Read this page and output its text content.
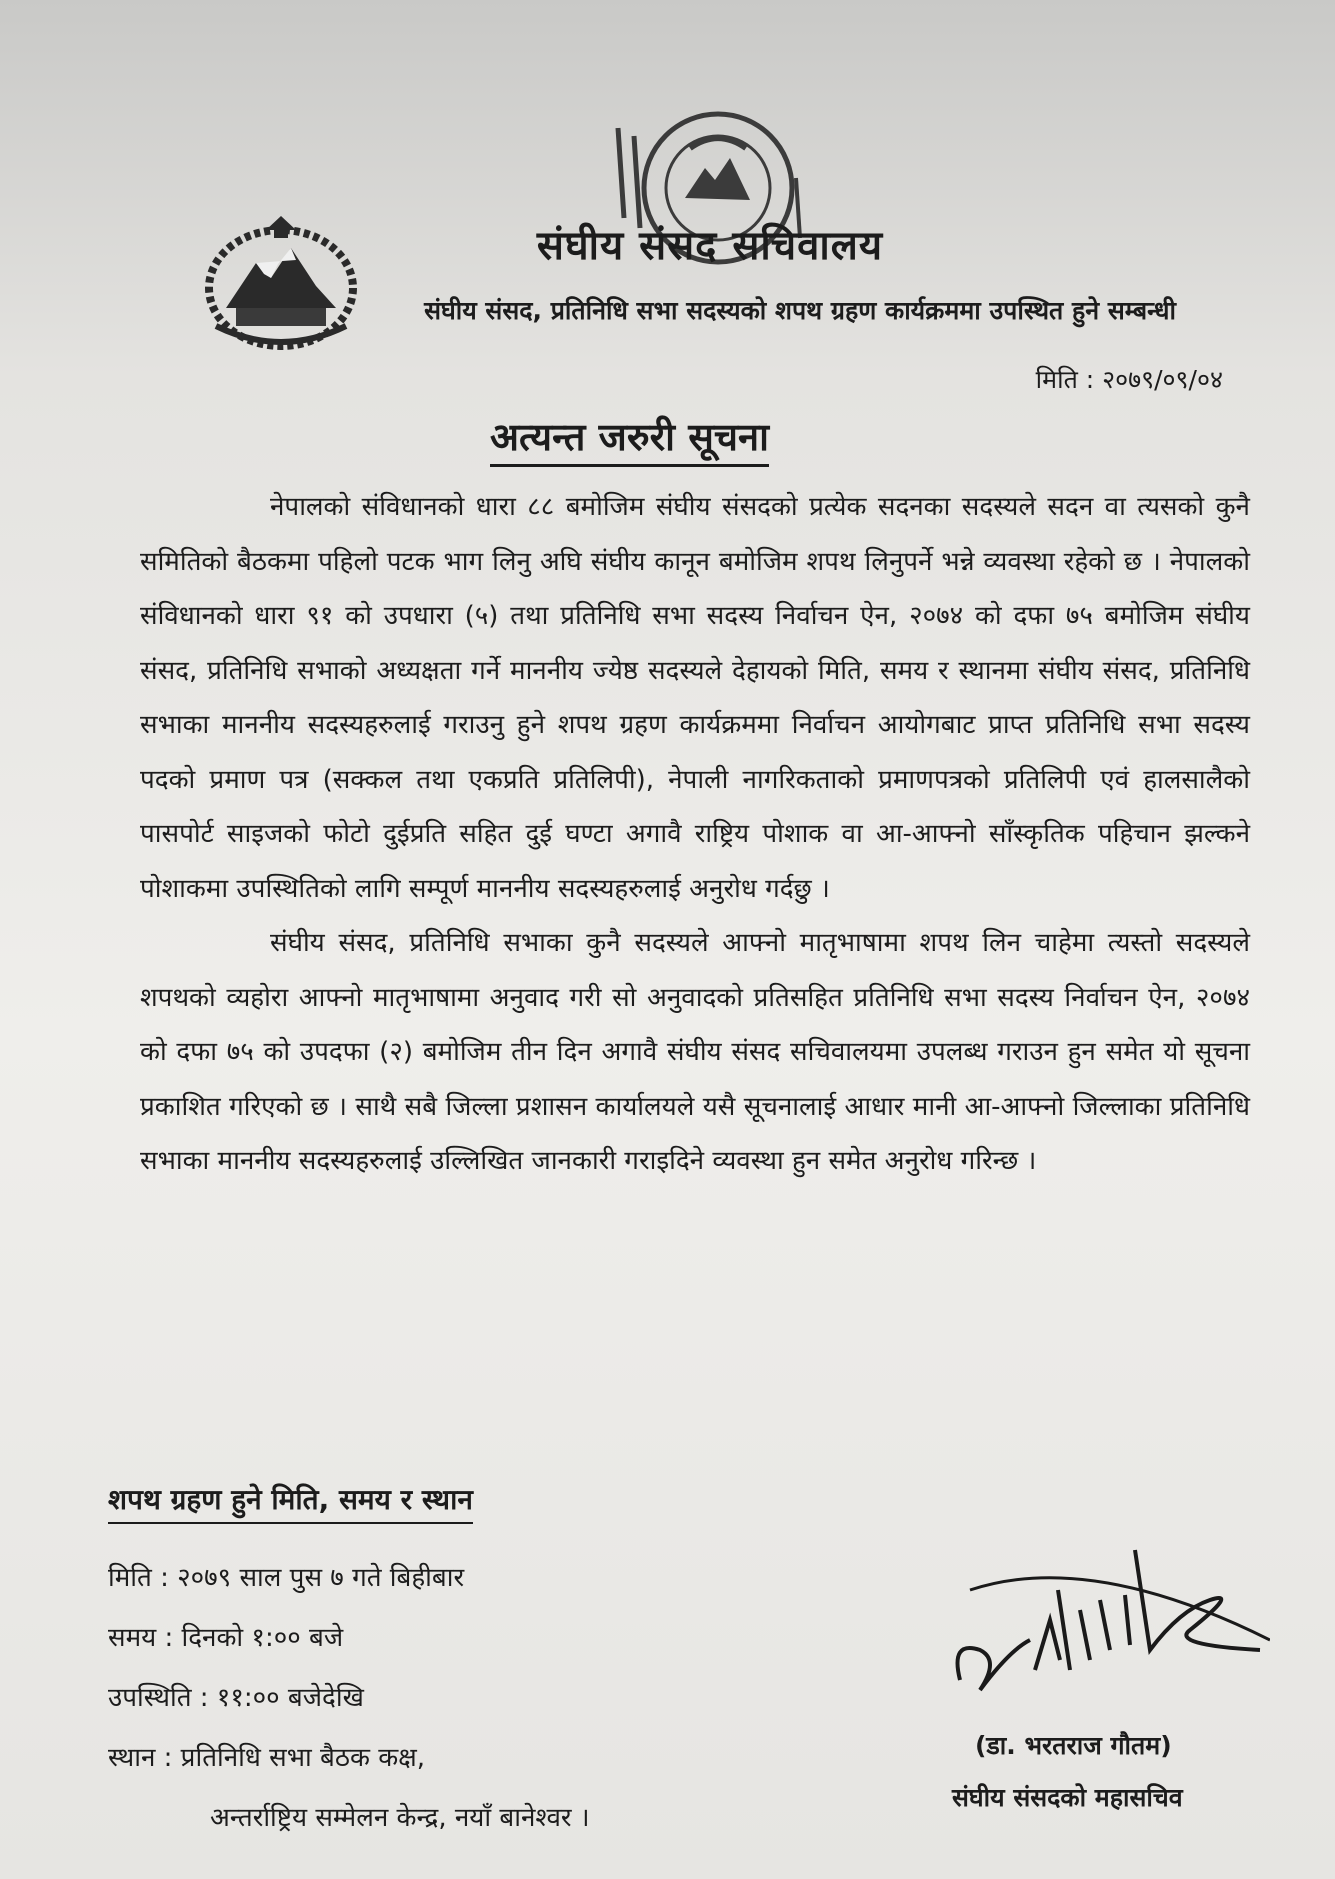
संघीय संसद सचिवालय
संघीय संसद, प्रतिनिधि सभा सदस्यको शपथ ग्रहण कार्यक्रममा उपस्थित हुने सम्बन्धी
मिति : २०७९/०९/०४
अत्यन्त जरुरी सूचना

नेपालको संविधानको धारा ८८ बमोजिम संघीय संसदको प्रत्येक सदनका सदस्यले सदन वा त्यसको कुनै समितिको बैठकमा पहिलो पटक भाग लिनु अघि संघीय कानून बमोजिम शपथ लिनुपर्ने भन्ने व्यवस्था रहेको छ । नेपालको संविधानको धारा ९१ को उपधारा (५) तथा प्रतिनिधि सभा सदस्य निर्वाचन ऐन, २०७४ को दफा ७५ बमोजिम संघीय संसद, प्रतिनिधि सभाको अध्यक्षता गर्ने माननीय ज्येष्ठ सदस्यले देहायको मिति, समय र स्थानमा संघीय संसद, प्रतिनिधि सभाका माननीय सदस्यहरुलाई गराउनु हुने शपथ ग्रहण कार्यक्रममा निर्वाचन आयोगबाट प्राप्त प्रतिनिधि सभा सदस्य पदको प्रमाण पत्र (सक्कल तथा एकप्रति प्रतिलिपी), नेपाली नागरिकताको प्रमाणपत्रको प्रतिलिपी एवं हालसालैको पासपोर्ट साइजको फोटो दुईप्रति सहित दुई घण्टा अगावै राष्ट्रिय पोशाक वा आ-आफ्नो साँस्कृतिक पहिचान झल्कने पोशाकमा उपस्थितिको लागि सम्पूर्ण माननीय सदस्यहरुलाई अनुरोध गर्दछु ।

संघीय संसद, प्रतिनिधि सभाका कुनै सदस्यले आफ्नो मातृभाषामा शपथ लिन चाहेमा त्यस्तो सदस्यले शपथको व्यहोरा आफ्नो मातृभाषामा अनुवाद गरी सो अनुवादको प्रतिसहित प्रतिनिधि सभा सदस्य निर्वाचन ऐन, २०७४ को दफा ७५ को उपदफा (२) बमोजिम तीन दिन अगावै संघीय संसद सचिवालयमा उपलब्ध गराउन हुन समेत यो सूचना प्रकाशित गरिएको छ । साथै सबै जिल्ला प्रशासन कार्यालयले यसै सूचनालाई आधार मानी आ-आफ्नो जिल्लाका प्रतिनिधि सभाका माननीय सदस्यहरुलाई उल्लिखित जानकारी गराइदिने व्यवस्था हुन समेत अनुरोध गरिन्छ ।

शपथ ग्रहण हुने मिति, समय र स्थान
मिति : २०७९ साल पुस ७ गते बिहीबार
समय : दिनको १:०० बजे
उपस्थिति : ११:०० बजेदेखि
स्थान : प्रतिनिधि सभा बैठक कक्ष,
अन्तर्राष्ट्रिय सम्मेलन केन्द्र, नयाँ बानेश्वर ।
(डा. भरतराज गौतम)
संघीय संसदको महासचिव
